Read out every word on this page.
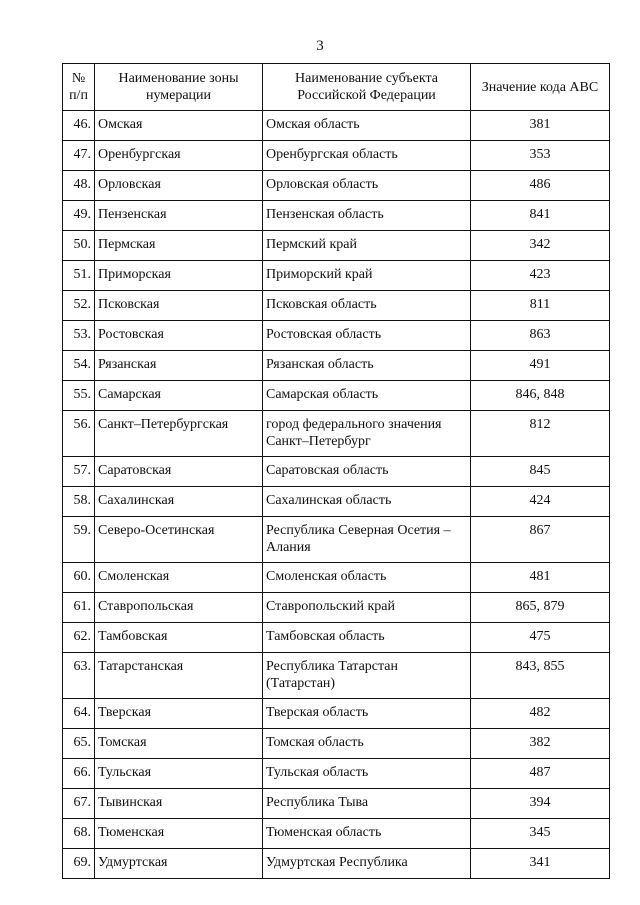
3
№ п/п	Наименование зоны нумерации	Наименование субъекта Российской Федерации	Значение кода ABC
46.	Омская	Омская область	381
47.	Оренбургская	Оренбургская область	353
48.	Орловская	Орловская область	486
49.	Пензенская	Пензенская область	841
50.	Пермская	Пермский край	342
51.	Приморская	Приморский край	423
52.	Псковская	Псковская область	811
53.	Ростовская	Ростовская область	863
54.	Рязанская	Рязанская область	491
55.	Самарская	Самарская область	846, 848
56.	Санкт–Петербургская	город федерального значения Санкт–Петербург	812
57.	Саратовская	Саратовская область	845
58.	Сахалинская	Сахалинская область	424
59.	Северо-Осетинская	Республика Северная Осетия – Алания	867
60.	Смоленская	Смоленская область	481
61.	Ставропольская	Ставропольский край	865, 879
62.	Тамбовская	Тамбовская область	475
63.	Татарстанская	Республика Татарстан (Татарстан)	843, 855
64.	Тверская	Тверская область	482
65.	Томская	Томская область	382
66.	Тульская	Тульская область	487
67.	Тывинская	Республика Тыва	394
68.	Тюменская	Тюменская область	345
69.	Удмуртская	Удмуртская Республика	341
